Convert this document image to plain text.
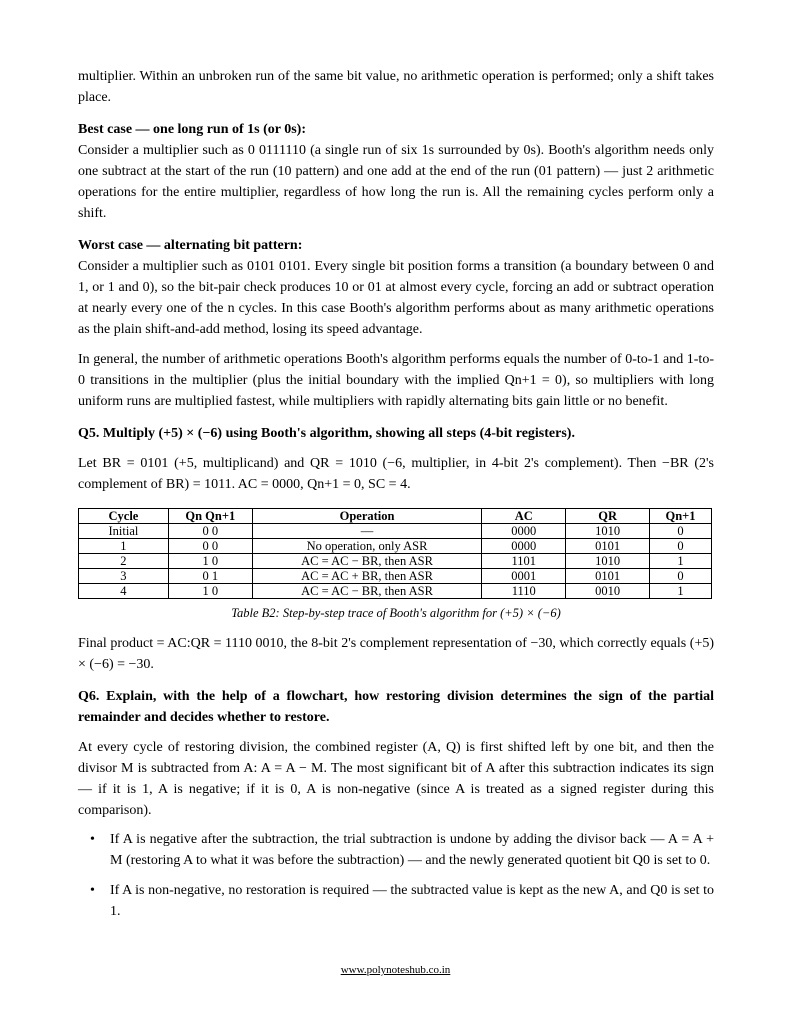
multiplier. Within an unbroken run of the same bit value, no arithmetic operation is performed; only a shift takes place.

Best case — one long run of 1s (or 0s):

Consider a multiplier such as 0 0111110 (a single run of six 1s surrounded by 0s). Booth's algorithm needs only one subtract at the start of the run (10 pattern) and one add at the end of the run (01 pattern) — just 2 arithmetic operations for the entire multiplier, regardless of how long the run is. All the remaining cycles perform only a shift.

Worst case — alternating bit pattern:

Consider a multiplier such as 0101 0101. Every single bit position forms a transition (a boundary between 0 and 1, or 1 and 0), so the bit-pair check produces 10 or 01 at almost every cycle, forcing an add or subtract operation at nearly every one of the n cycles. In this case Booth's algorithm performs about as many arithmetic operations as the plain shift-and-add method, losing its speed advantage.

In general, the number of arithmetic operations Booth's algorithm performs equals the number of 0-to-1 and 1-to-0 transitions in the multiplier (plus the initial boundary with the implied Qn+1 = 0), so multipliers with long uniform runs are multiplied fastest, while multipliers with rapidly alternating bits gain little or no benefit.

Q5. Multiply (+5) × (−6) using Booth's algorithm, showing all steps (4-bit registers).

Let BR = 0101 (+5, multiplicand) and QR = 1010 (−6, multiplier, in 4-bit 2's complement). Then −BR (2's complement of BR) = 1011. AC = 0000, Qn+1 = 0, SC = 4.

Cycle	Qn Qn+1	Operation	AC	QR	Qn+1
Initial	0 0	—	0000	1010	0
1	0 0	No operation, only ASR	0000	0101	0
2	1 0	AC = AC − BR, then ASR	1101	1010	1
3	0 1	AC = AC + BR, then ASR	0001	0101	0
4	1 0	AC = AC − BR, then ASR	1110	0010	1
Table B2: Step-by-step trace of Booth's algorithm for (+5) × (−6)

Final product = AC:QR = 1110 0010, the 8-bit 2's complement representation of −30, which correctly equals (+5) × (−6) = −30.

Q6. Explain, with the help of a flowchart, how restoring division determines the sign of the partial remainder and decides whether to restore.

At every cycle of restoring division, the combined register (A, Q) is first shifted left by one bit, and then the divisor M is subtracted from A: A = A − M. The most significant bit of A after this subtraction indicates its sign — if it is 1, A is negative; if it is 0, A is non-negative (since A is treated as a signed register during this comparison).

• If A is negative after the subtraction, the trial subtraction is undone by adding the divisor back — A = A + M (restoring A to what it was before the subtraction) — and the newly generated quotient bit Q0 is set to 0.
• If A is non-negative, no restoration is required — the subtracted value is kept as the new A, and Q0 is set to 1.
www.polynoteshub.co.in
